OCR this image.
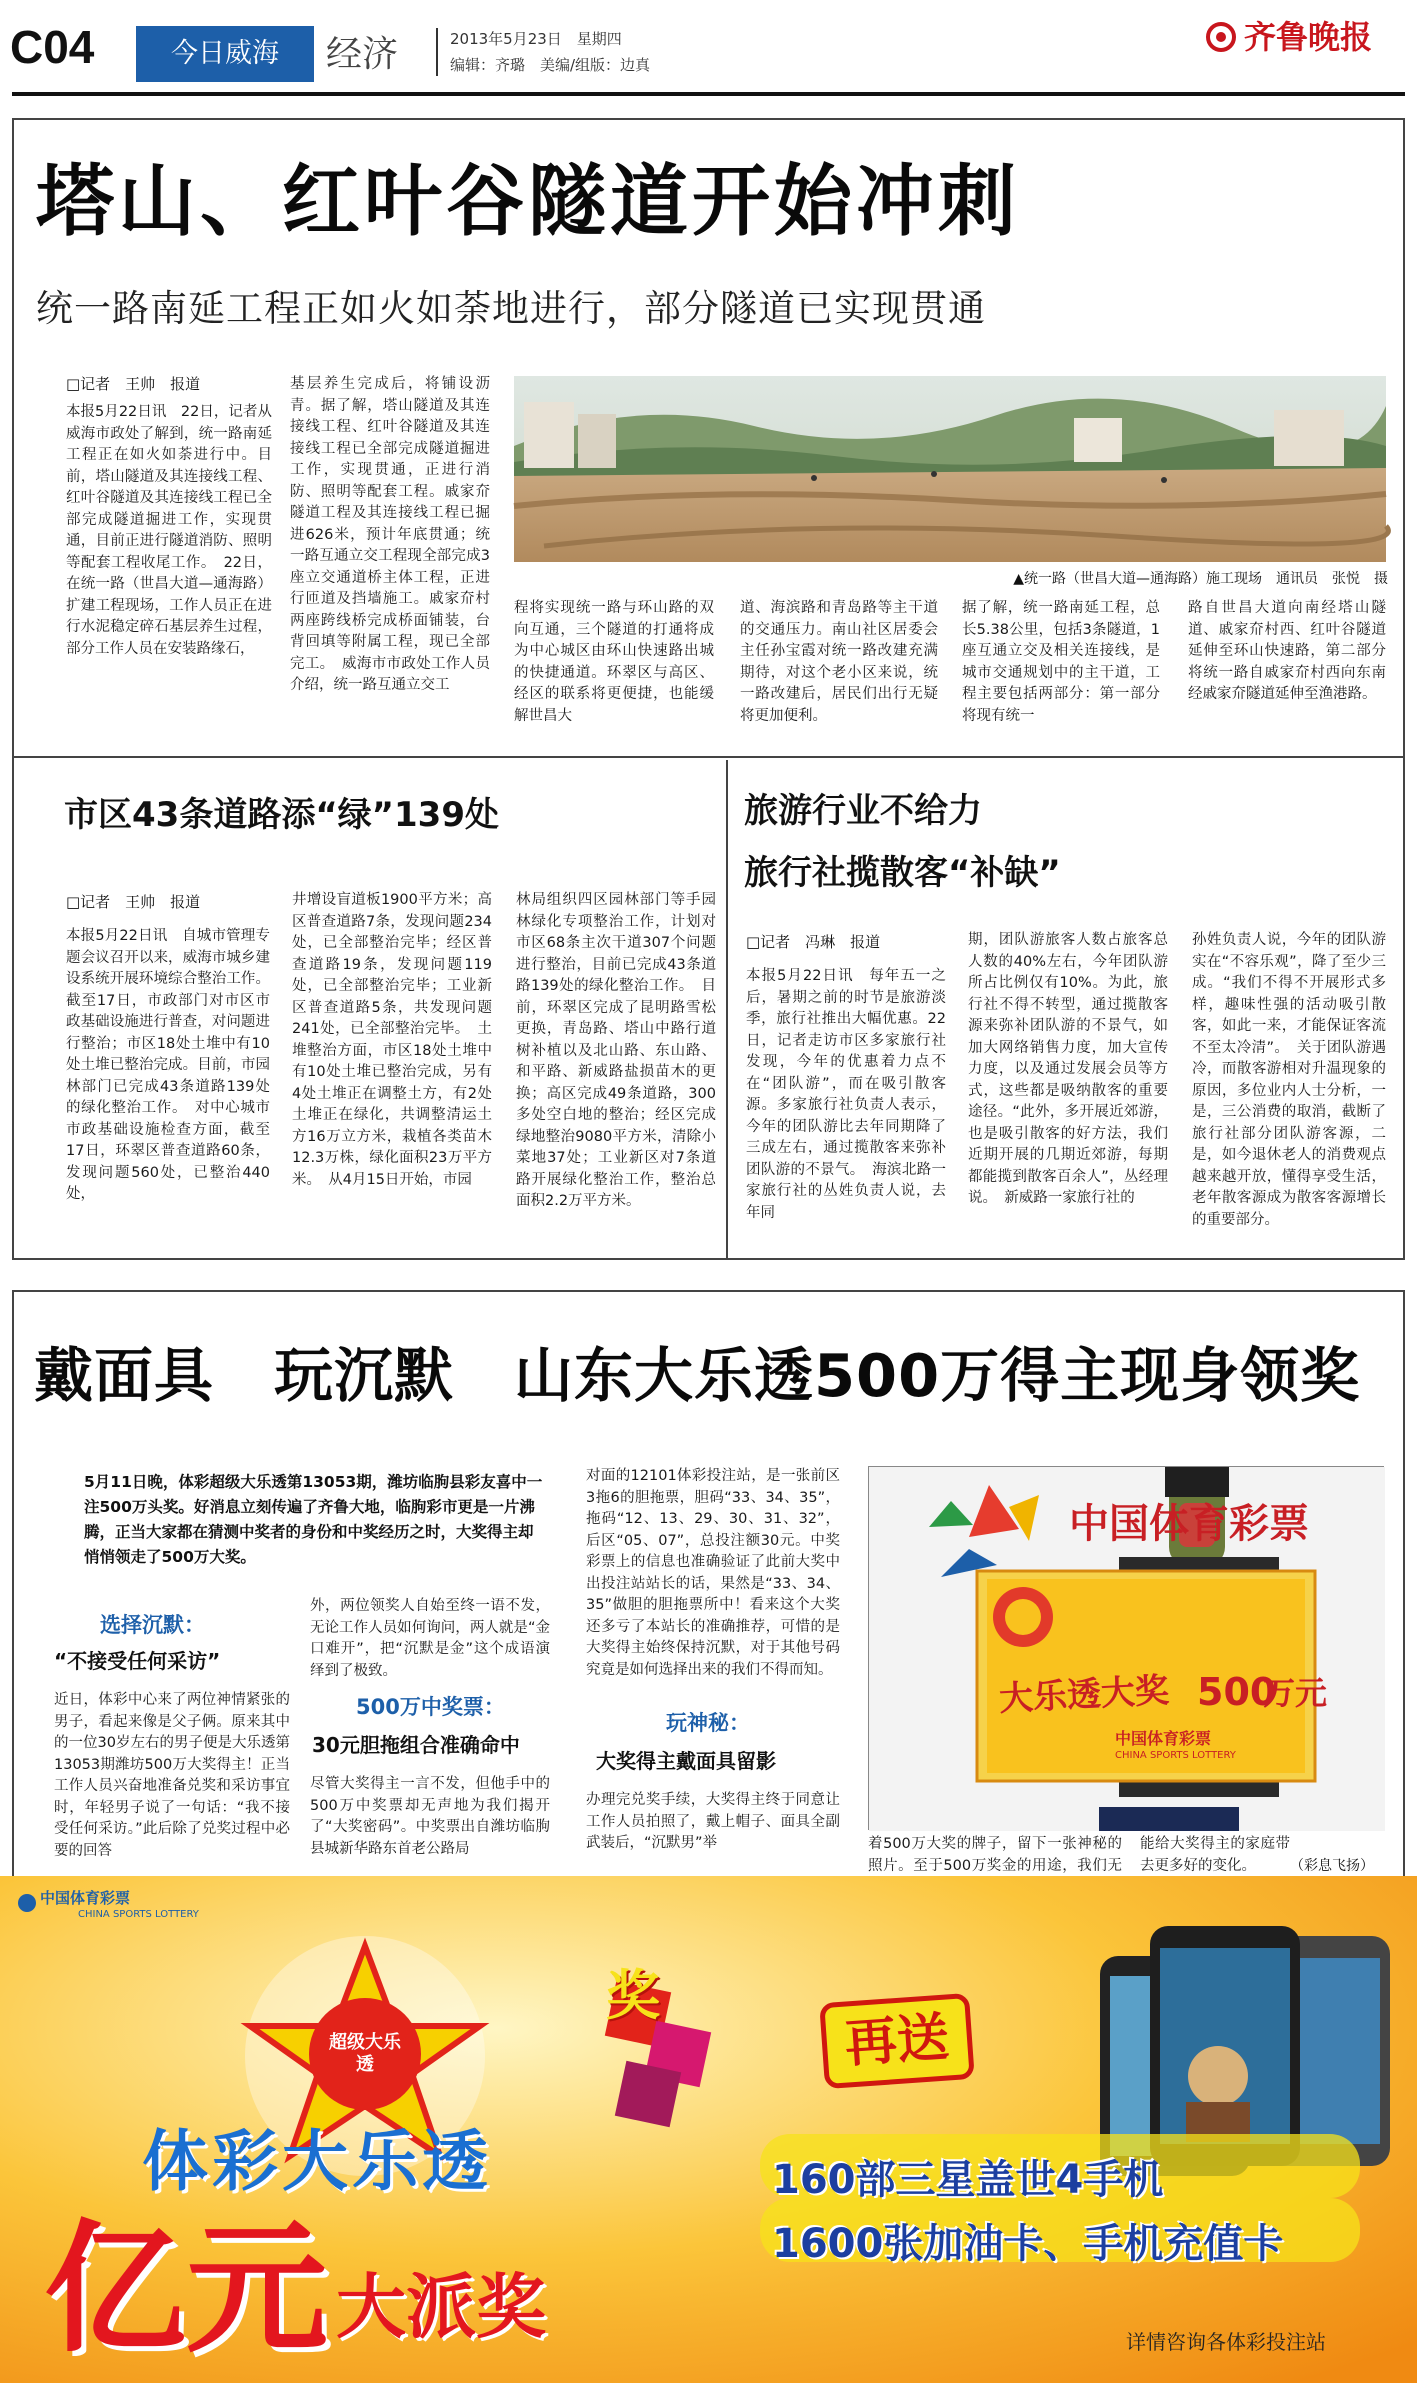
C04	今日威海	经济	2013年5月23日　星期四
编辑：齐璐　美编/组版：边真
齐鲁晚报
塔山、红叶谷隧道开始冲刺
统一路南延工程正如火如荼地进行，部分隧道已实现贯通
□记者　王帅　报道
本报5月22日讯　22日，记者从威海市政处了解到，统一路南延工程正在如火如荼进行中。目前，塔山隧道及其连接线工程、红叶谷隧道及其连接线工程已全部完成隧道掘进工作，实现贯通，目前正进行隧道消防、照明等配套工程收尾工作。　22日，在统一路（世昌大道—通海路）扩建工程现场，工作人员正在进行水泥稳定碎石基层养生过程，部分工作人员在安装路缘石，
基层养生完成后，将铺设沥青。据了解，塔山隧道及其连接线工程、红叶谷隧道及其连接线工程已全部完成隧道掘进工作，实现贯通，正进行消防、照明等配套工程。戚家夼隧道工程及其连接线工程已掘进626米，预计年底贯通；统一路互通立交工程现全部完成3座立交通道桥主体工程，正进行匝道及挡墙施工。戚家夼村两座跨线桥完成桥面铺装，台背回填等附属工程，现已全部完工。　威海市市政处工作人员介绍，统一路互通立交工
▲统一路（世昌大道—通海路）施工现场　通讯员　张悦　摄
程将实现统一路与环山路的双向互通，三个隧道的打通将成为中心城区由环山快速路出城的快捷通道。环翠区与高区、经区的联系将更便捷，也能缓解世昌大
道、海滨路和青岛路等主干道的交通压力。南山社区居委会主任孙宝霞对统一路改建充满期待，对这个老小区来说，统一路改建后，居民们出行无疑将更加便利。
据了解，统一路南延工程，总长5.38公里，包括3条隧道，1座互通立交及相关连接线，是城市交通规划中的主干道，工程主要包括两部分：第一部分将现有统一
路自世昌大道向南经塔山隧道、戚家夼村西、红叶谷隧道延伸至环山快速路，第二部分将统一路自戚家夼村西向东南经戚家夼隧道延伸至渔港路。
市区43条道路添“绿”139处
□记者　王帅　报道
本报5月22日讯　自城市管理专题会议召开以来，威海市城乡建设系统开展环境综合整治工作。截至17日，市政部门对市区市政基础设施进行普查，对问题进行整治；市区18处土堆中有10处土堆已整治完成。目前，市园林部门已完成43条道路139处的绿化整治工作。　对中心城市市政基础设施检查方面，截至17日，环翠区普查道路60条，发现问题560处，已整治440处，
井增设盲道板1900平方米；高区普查道路7条，发现问题234处，已全部整治完毕；经区普查道路19条，发现问题119处，已全部整治完毕；工业新区普查道路5条，共发现问题241处，已全部整治完毕。　土堆整治方面，市区18处土堆中有10处土堆已整治完成，另有4处土堆正在调整土方，有2处土堆正在绿化，共调整清运土方16万立方米，栽植各类苗木12.3万株，绿化面积23万平方米。　从4月15日开始，市园
林局组织四区园林部门等手园林绿化专项整治工作，计划对市区68条主次干道307个问题进行整治，目前已完成43条道路139处的绿化整治工作。　目前，环翠区完成了昆明路雪松更换，青岛路、塔山中路行道树补植以及北山路、东山路、和平路、新威路盐损苗木的更换；高区完成49条道路，300多处空白地的整治；经区完成绿地整治9080平方米，清除小菜地37处；工业新区对7条道路开展绿化整治工作，整治总面积2.2万平方米。
旅游行业不给力
旅行社揽散客“补缺”
□记者　冯琳　报道
本报5月22日讯　每年五一之后，暑期之前的时节是旅游淡季，旅行社推出大幅优惠。22日，记者走访市区多家旅行社发现，今年的优惠着力点不在“团队游”，而在吸引散客源。多家旅行社负责人表示，今年的团队游比去年同期降了三成左右，通过揽散客来弥补团队游的不景气。　海滨北路一家旅行社的丛姓负责人说，去年同
期，团队游旅客人数占旅客总人数的40%左右，今年团队游所占比例仅有10%。为此，旅行社不得不转型，通过揽散客源来弥补团队游的不景气，如加大网络销售力度，加大宣传力度，以及通过发展会员等方式，这些都是吸纳散客的重要途径。“此外，多开展近郊游，也是吸引散客的好方法，我们近期开展的几期近郊游，每期都能揽到散客百余人”，丛经理说。　新威路一家旅行社的
孙姓负责人说，今年的团队游实在“不容乐观”，降了至少三成。“我们不得不开展形式多样，趣味性强的活动吸引散客，如此一来，才能保证客流不至太冷清”。　关于团队游遇冷，而散客游相对升温现象的原因，多位业内人士分析，一是，三公消费的取消，截断了旅行社部分团队游客源，二是，如今退休老人的消费观点越来越开放，懂得享受生活，老年散客源成为散客客源增长的重要部分。
戴面具　玩沉默　山东大乐透500万得主现身领奖
5月11日晚，体彩超级大乐透第13053期，潍坊临朐县彩友喜中一注500万头奖。好消息立刻传遍了齐鲁大地，临朐彩市更是一片沸腾，正当大家都在猜测中奖者的身份和中奖经历之时，大奖得主却悄悄领走了500万大奖。
选择沉默：
“不接受任何采访”
近日，体彩中心来了两位神情紧张的男子，看起来像是父子俩。原来其中的一位30岁左右的男子便是大乐透第13053期潍坊500万大奖得主！正当工作人员兴奋地准备兑奖和采访事宜时，年轻男子说了一句话：“我不接受任何采访。”此后除了兑奖过程中必要的回答
外，两位领奖人自始至终一语不发，无论工作人员如何询问，两人就是“金口难开”，把“沉默是金”这个成语演绎到了极致。
500万中奖票：
30元胆拖组合准确命中
尽管大奖得主一言不发，但他手中的500万中奖票却无声地为我们揭开了“大奖密码”。中奖票出自潍坊临朐县城新华路东首老公路局
对面的12101体彩投注站，是一张前区3拖6的胆拖票，胆码“33、34、35”，拖码“12、13、29、30、31、32”，后区“05、07”，总投注额30元。中奖彩票上的信息也准确验证了此前大奖中出投注站站长的话，果然是“33、34、35”做胆的胆拖票所中！看来这个大奖还多亏了本站长的准确推荐，可惜的是大奖得主始终保持沉默，对于其他号码究竟是如何选择出来的我们不得而知。
玩神秘：
大奖得主戴面具留影
办理完兑奖手续，大奖得主终于同意让工作人员拍照了，戴上帽子、面具全副武装后，“沉默男”举
中国体育彩票
大乐透大奖 500
万元
中国体育彩票
CHINA SPORTS LOTTERY
着500万大奖的牌子，留下一张神秘的照片。至于500万奖金的用途，我们无
能给大奖得主的家庭带去更多好的变化。	（彩息飞扬）
中国体育彩票
CHINA SPORTS LOTTERY
超级大乐透
奖
体彩大乐透
亿元 大派奖
再送
160部三星盖世4手机
1600张加油卡、手机充值卡
详情咨询各体彩投注站
